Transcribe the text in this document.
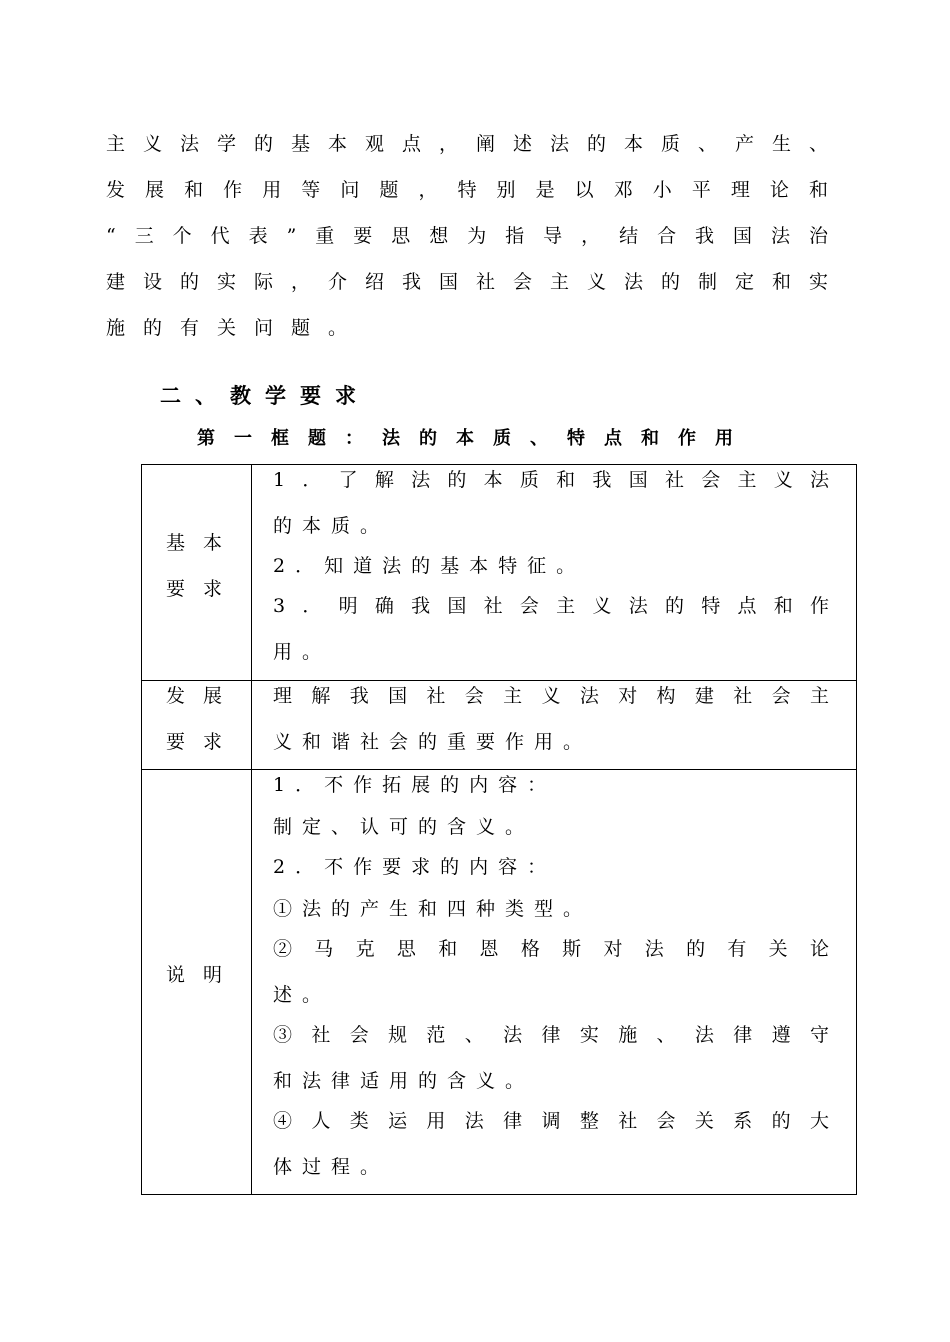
主义法学的基本观点，阐述法的本质、产生、
发展和作用等问题，特别是以邓小平理论和
“三个代表”重要思想为指导，结合我国法治
建设的实际，介绍我国社会主义法的制定和实
施的有关问题。
二、教学要求
第一框题：法的本质、特点和作用
基本
要求
1．了解法的本质和我国社会主义法
的本质。
2．知道法的基本特征。
3．明确我国社会主义法的特点和作
用。
发展
要求
理解我国社会主义法对构建社会主
义和谐社会的重要作用。
说明
1．不作拓展的内容：
制定、认可的含义。
2．不作要求的内容：
①法的产生和四种类型。
②马克思和恩格斯对法的有关论
述。
③社会规范、法律实施、法律遵守
和法律适用的含义。
④人类运用法律调整社会关系的大
体过程。
